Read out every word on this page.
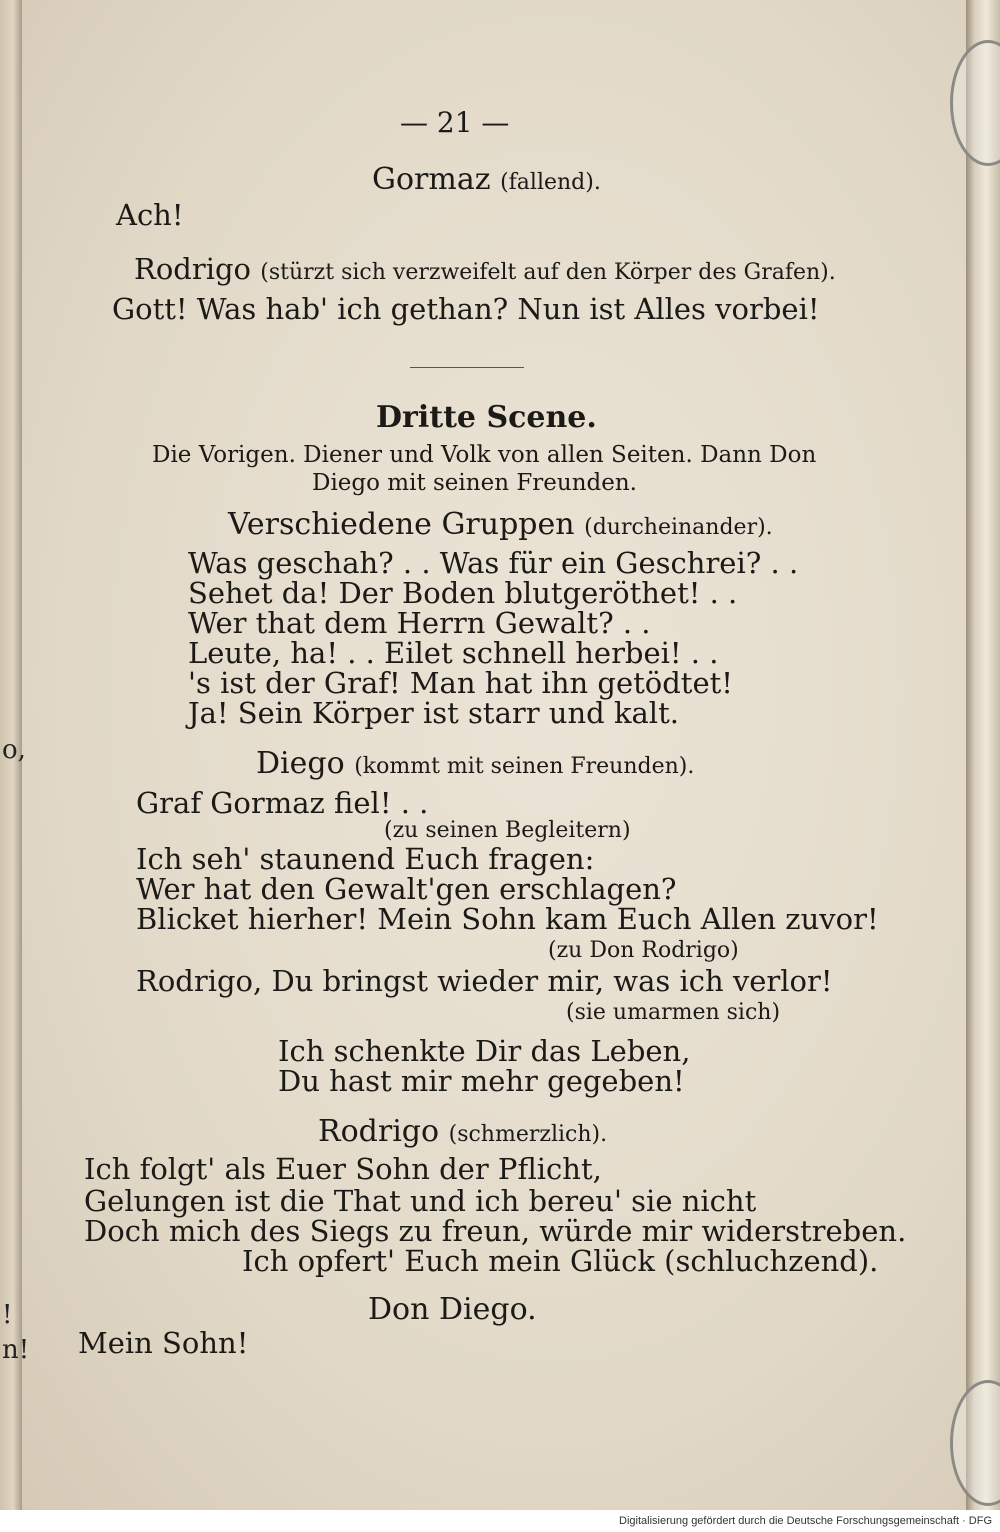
o,
!
n!
— 21 —
Gormaz (fallend).
Ach!
Rodrigo (stürzt sich verzweifelt auf den Körper des Grafen).
Gott! Was hab' ich gethan? Nun ist Alles vorbei!
Dritte Scene.
Die Vorigen. Diener und Volk von allen Seiten. Dann Don
Diego mit seinen Freunden.
Verschiedene Gruppen (durcheinander).
Was geschah? . . Was für ein Geschrei? . .
Sehet da! Der Boden blutgeröthet! . .
Wer that dem Herrn Gewalt? . .
Leute, ha! . . Eilet schnell herbei! . .
's ist der Graf! Man hat ihn getödtet!
Ja! Sein Körper ist starr und kalt.
Diego (kommt mit seinen Freunden).
Graf Gormaz fiel! . .
(zu seinen Begleitern)
Ich seh' staunend Euch fragen:
Wer hat den Gewalt'gen erschlagen?
Blicket hierher! Mein Sohn kam Euch Allen zuvor!
(zu Don Rodrigo)
Rodrigo, Du bringst wieder mir, was ich verlor!
(sie umarmen sich)
Ich schenkte Dir das Leben,
Du hast mir mehr gegeben!
Rodrigo (schmerzlich).
Ich folgt' als Euer Sohn der Pflicht,
Gelungen ist die That und ich bereu' sie nicht
Doch mich des Siegs zu freun, würde mir widerstreben.
Ich opfert' Euch mein Glück (schluchzend).
Don Diego.
Mein Sohn!
Digitalisierung gefördert durch die Deutsche Forschungsgemeinschaft · DFG
